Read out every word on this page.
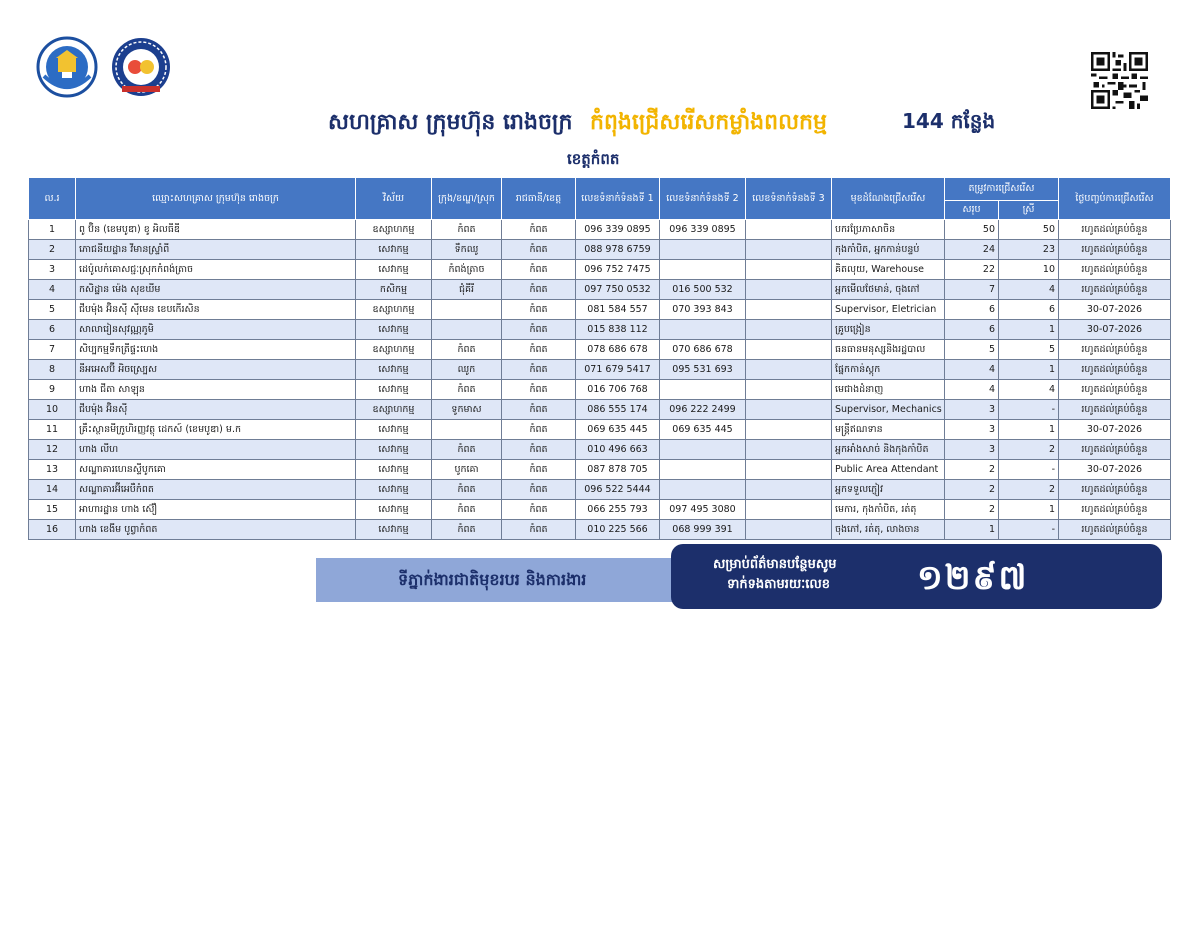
សហគ្រាស ក្រុមហ៊ុន រោងចក្រ កំពុងជ្រើសរើសកម្លាំងពលកម្ម	144 កន្លែង
ខេត្តកំពត
ល.រ	ឈ្មោះសហគ្រាស ក្រុមហ៊ុន រោងចក្រ	វិស័យ	ក្រុង/ខណ្ឌ/ស្រុក	រាជធានី/ខេត្ត	លេខទំនាក់ទំនងទី 1	លេខទំនាក់ទំនងទី 2	លេខទំនាក់ទំនងទី 3	មុខដំណែងជ្រើសរើស	តម្រូវការជ្រើសរើស		ថ្ងៃបញ្ចប់ការជ្រើសរើស
									សរុប	ស្រី	
1	ពូ ប៊ិន (ខេមបូឌា) ខូ អិលធីឌី	ឧស្សាហកម្ម	កំពត	កំពត	096 339 0895	096 339 0895		បករប្រែភាសាចិន	50	50	រហូតដល់គ្រប់ចំនួន
2	ភោជនីយដ្ឋាន វីមានស្ទ្រាំពី	សេវាកម្ម	ទឹកឈូ	កំពត	088 978 6759			កុងកាំបិត, អ្នកកាន់បន្ទប់	24	23	រហូតដល់គ្រប់ចំនួន
3	ដេប៉ូលក់គោសជ្ជៈស្រុកកំពង់ត្រាច	សេវាកម្ម	កំពង់ត្រាច	កំពត	096 752 7475			គិតលុយ, Warehouse	22	10	រហូតដល់គ្រប់ចំនួន
4	កសិដ្ឋាន ម៉េង សុខឃីម	កសិកម្ម	ជុំគីរី	កំពត	097 750 0532	016 500 532		អ្នកមើលថែមាន់, ចុងភៅ	7	4	រហូតដល់គ្រប់ចំនួន
5	ជីបម៉ុង អ៊ិនស៊ី ស៊ីមេន ខេបកើរសិន	ឧស្សាហកម្ម		កំពត	081 584 557	070 393 843		Supervisor, Eletrician	6	6	30-07-2026
6	សាលារៀនសុវណ្ណភូមិ	សេវាកម្ម		កំពត	015 838 112			គ្រូបង្រៀន	6	1	30-07-2026
7	សិប្បកម្មទឹកត្រីផ្ទះហេង	ឧស្សាហកម្ម	កំពត	កំពត	078 686 678	070 686 678		ធនធានមនុស្សនិងរដ្ឋបាល	5	5	រហូតដល់គ្រប់ចំនួន
8	នីអអេសប៊ី អិចស្រ្បេស	សេវាកម្ម	ឈូក	កំពត	071 679 5417	095 531 693		ផ្នែកកាន់ស្តុក	4	1	រហូតដល់គ្រប់ចំនួន
9	ហាង ជីតា សាឡុន	សេវាកម្ម	កំពត	កំពត	016 706 768			មេជាងដំនាញ	4	4	រហូតដល់គ្រប់ចំនួន
10	ជីបម៉ុង អ៊ិនស៊ី	ឧស្សាហកម្ម	ទូកមាស	កំពត	086 555 174	096 222 2499		Supervisor, Mechanics	3	-	រហូតដល់គ្រប់ចំនួន
11	គ្រឹះស្ថានមីក្រូហិរញ្ញវត្ថុ ដេកស៍ (ខេមបូឌា) ម.ក	សេវាកម្ម		កំពត	069 635 445	069 635 445		មន្ត្រីឥណទាន	3	1	30-07-2026
12	ហាង លីហ	សេវាកម្ម	កំពត	កំពត	010 496 663			អ្នកអាំងសាច់ និងកុងកាំបិត	3	2	រហូតដល់គ្រប់ចំនួន
13	សណ្ឋាគារហេនស្ទីបូកគោ	សេវាកម្ម	បូកគោ	កំពត	087 878 705			Public Area Attendant	2	-	30-07-2026
14	សណ្ឋាគារអ៊ីអេបឺកំពត	សេវាកម្ម	កំពត	កំពត	096 522 5444			អ្នកទទួលភ្ញៀវ	2	2	រហូតដល់គ្រប់ចំនួន
15	អាហារដ្ឋាន ហាង ស៊ឿ	សេវាកម្ម	កំពត	កំពត	066 255 793	097 495 3080		មេការ, កុងកាំបិត, រត់តុ	2	1	រហូតដល់គ្រប់ចំនួន
16	ហាង ខេងីម បូព្វាកំពត	សេវាកម្ម	កំពត	កំពត	010 225 566	068 999 391		ចុងភៅ, រត់តុ, លាងចាន	1	-	រហូតដល់គ្រប់ចំនួន
ទីភ្នាក់ងារជាតិមុខរបរ និងការងារ
សម្រាប់ព័ត៌មានបន្ថែមសូម
ទាក់ទងតាមរយៈលេខ	១២៩៧
